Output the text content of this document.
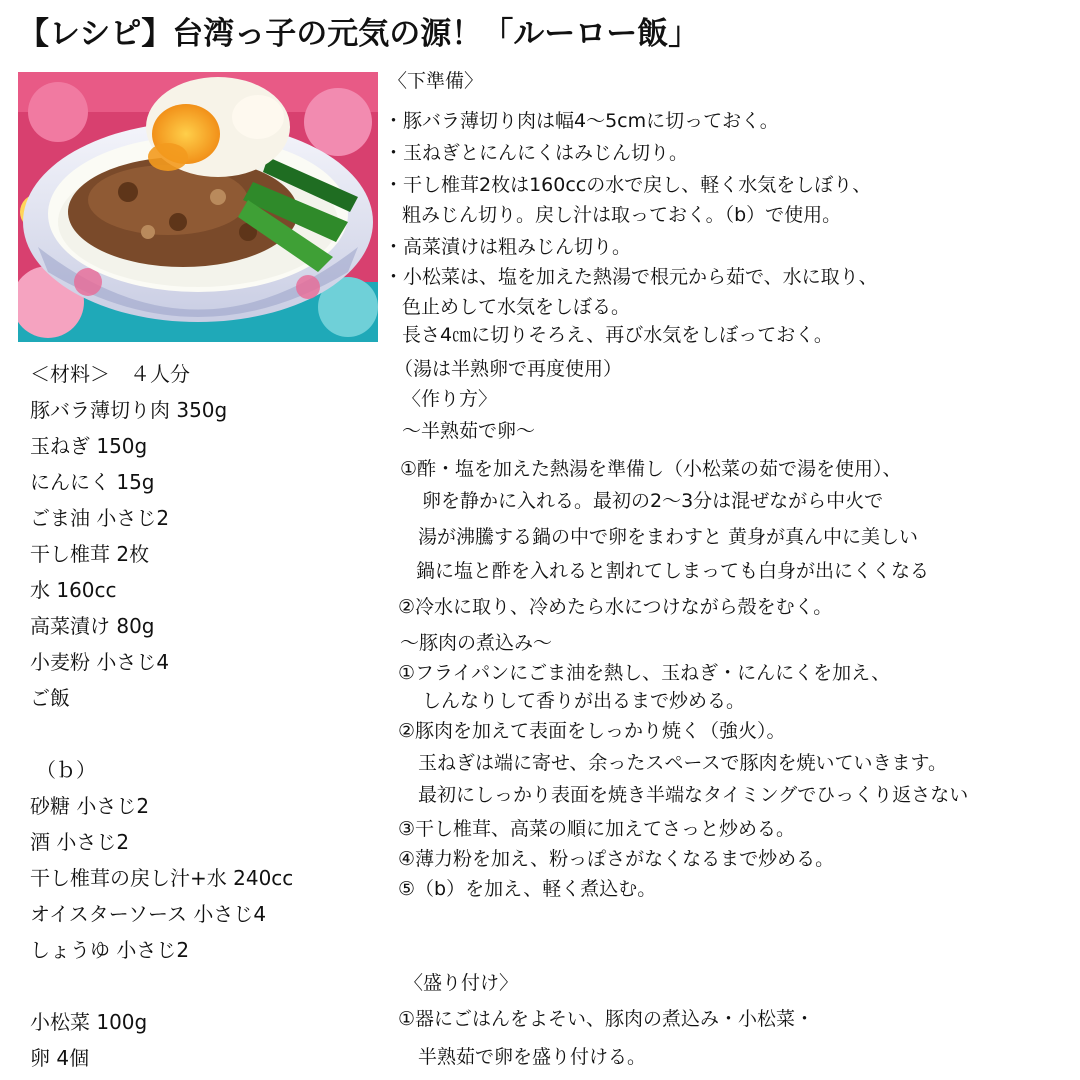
【レシピ】台湾っ子の元気の源！「ルーロー飯」
＜材料＞　４人分
豚バラ薄切り肉 350g
玉ねぎ 150g
にんにく 15g
ごま油 小さじ2
干し椎茸 2枚
水 160cc
高菜漬け 80g
小麦粉 小さじ4
ご飯
（ｂ）
砂糖 小さじ2
酒 小さじ2
干し椎茸の戻し汁+水 240cc
オイスターソース 小さじ4
しょうゆ 小さじ2
小松菜 100g
卵 4個
〈下準備〉
・豚バラ薄切り肉は幅4～5cmに切っておく。
・玉ねぎとにんにくはみじん切り。
・干し椎茸2枚は160ccの水で戻し、軽く水気をしぼり、
粗みじん切り。戻し汁は取っておく。（b）で使用。
・高菜漬けは粗みじん切り。
・小松菜は、塩を加えた熱湯で根元から茹で、水に取り、
色止めして水気をしぼる。
長さ4㎝に切りそろえ、再び水気をしぼっておく。
（湯は半熟卵で再度使用）
〈作り方〉
～半熟茹で卵～
①酢・塩を加えた熱湯を準備し（小松菜の茹で湯を使用）、
卵を静かに入れる。最初の2～3分は混ぜながら中火で
湯が沸騰する鍋の中で卵をまわすと 黄身が真ん中に美しい
鍋に塩と酢を入れると割れてしまっても白身が出にくくなる
②冷水に取り、冷めたら水につけながら殻をむく。
～豚肉の煮込み～
①フライパンにごま油を熱し、玉ねぎ・にんにくを加え、
しんなりして香りが出るまで炒める。
②豚肉を加えて表面をしっかり焼く（強火）。
玉ねぎは端に寄せ、余ったスペースで豚肉を焼いていきます。
最初にしっかり表面を焼き半端なタイミングでひっくり返さない
③干し椎茸、高菜の順に加えてさっと炒める。
④薄力粉を加え、粉っぽさがなくなるまで炒める。
⑤（b）を加え、軽く煮込む。
〈盛り付け〉
①器にごはんをよそい、豚肉の煮込み・小松菜・
半熟茹で卵を盛り付ける。
